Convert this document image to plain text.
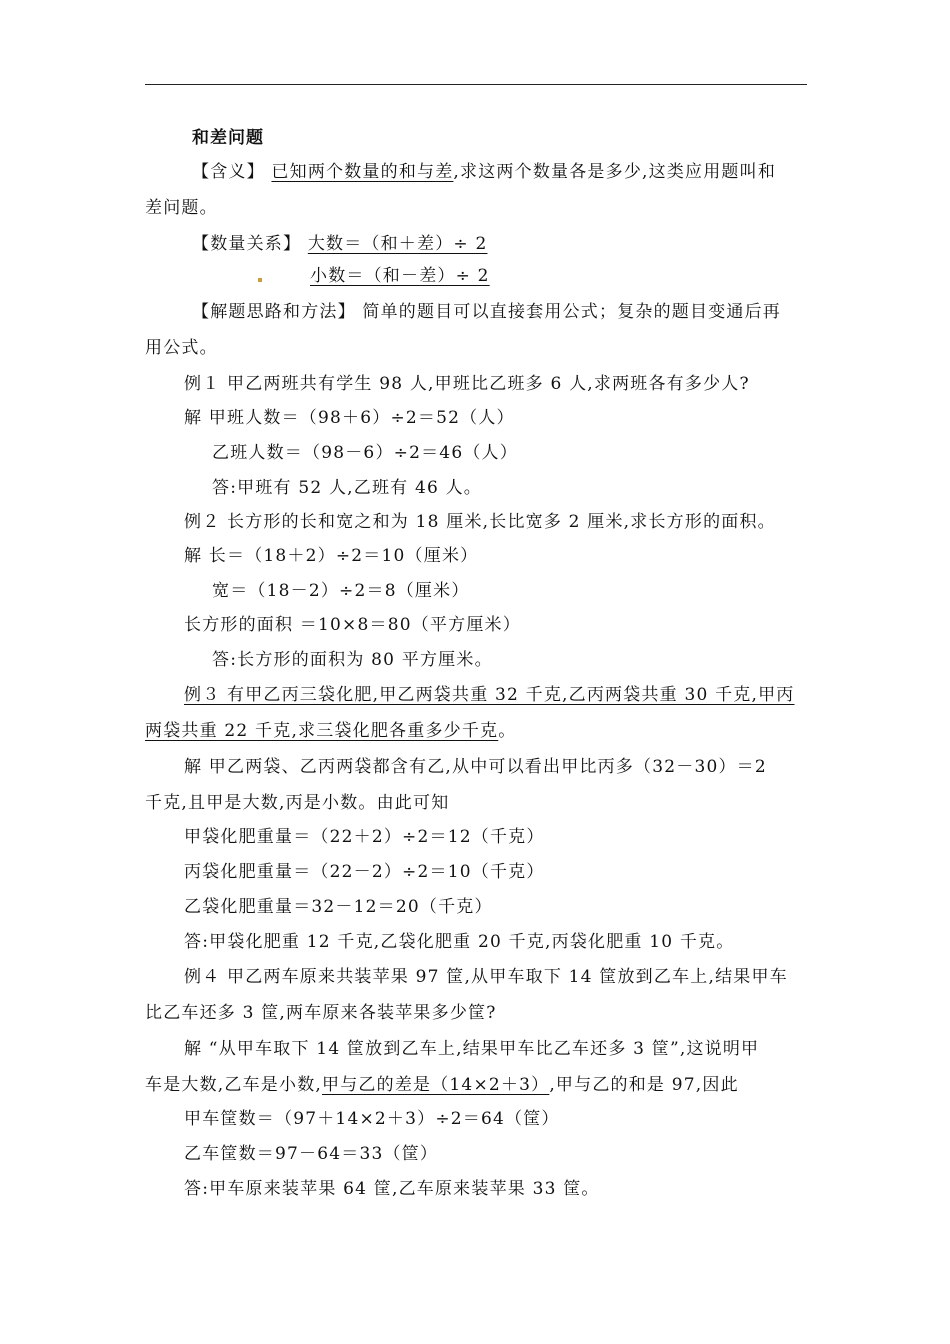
和差问题
【含义】 已知两个数量的和与差,求这两个数量各是多少,这类应用题叫和
差问题。
【数量关系】 大数＝（和＋差）÷ 2
小数＝（和－差）÷ 2
【解题思路和方法】 简单的题目可以直接套用公式；复杂的题目变通后再
用公式。
例１ 甲乙两班共有学生 98 人,甲班比乙班多 6 人,求两班各有多少人?
解 甲班人数＝（98＋6）÷2＝52（人）
乙班人数＝（98－6）÷2＝46（人）
答:甲班有 52 人,乙班有 46 人。
例２ 长方形的长和宽之和为 18 厘米,长比宽多 2 厘米,求长方形的面积。
解 长＝（18＋2）÷2＝10（厘米）
宽＝（18－2）÷2＝8（厘米）
长方形的面积 ＝10×8＝80（平方厘米）
答:长方形的面积为 80 平方厘米。
例３ 有甲乙丙三袋化肥,甲乙两袋共重 32 千克,乙丙两袋共重 30 千克,甲丙
两袋共重 22 千克,求三袋化肥各重多少千克。
解 甲乙两袋、乙丙两袋都含有乙,从中可以看出甲比丙多（32－30）＝2
千克,且甲是大数,丙是小数。由此可知
甲袋化肥重量＝（22＋2）÷2＝12（千克）
丙袋化肥重量＝（22－2）÷2＝10（千克）
乙袋化肥重量＝32－12＝20（千克）
答:甲袋化肥重 12 千克,乙袋化肥重 20 千克,丙袋化肥重 10 千克。
例４ 甲乙两车原来共装苹果 97 筐,从甲车取下 14 筐放到乙车上,结果甲车
比乙车还多 3 筐,两车原来各装苹果多少筐?
解 “从甲车取下 14 筐放到乙车上,结果甲车比乙车还多 3 筐”,这说明甲
车是大数,乙车是小数,甲与乙的差是（14×2＋3）,甲与乙的和是 97,因此
甲车筐数＝（97＋14×2＋3）÷2＝64（筐）
乙车筐数＝97－64＝33（筐）
答:甲车原来装苹果 64 筐,乙车原来装苹果 33 筐。
